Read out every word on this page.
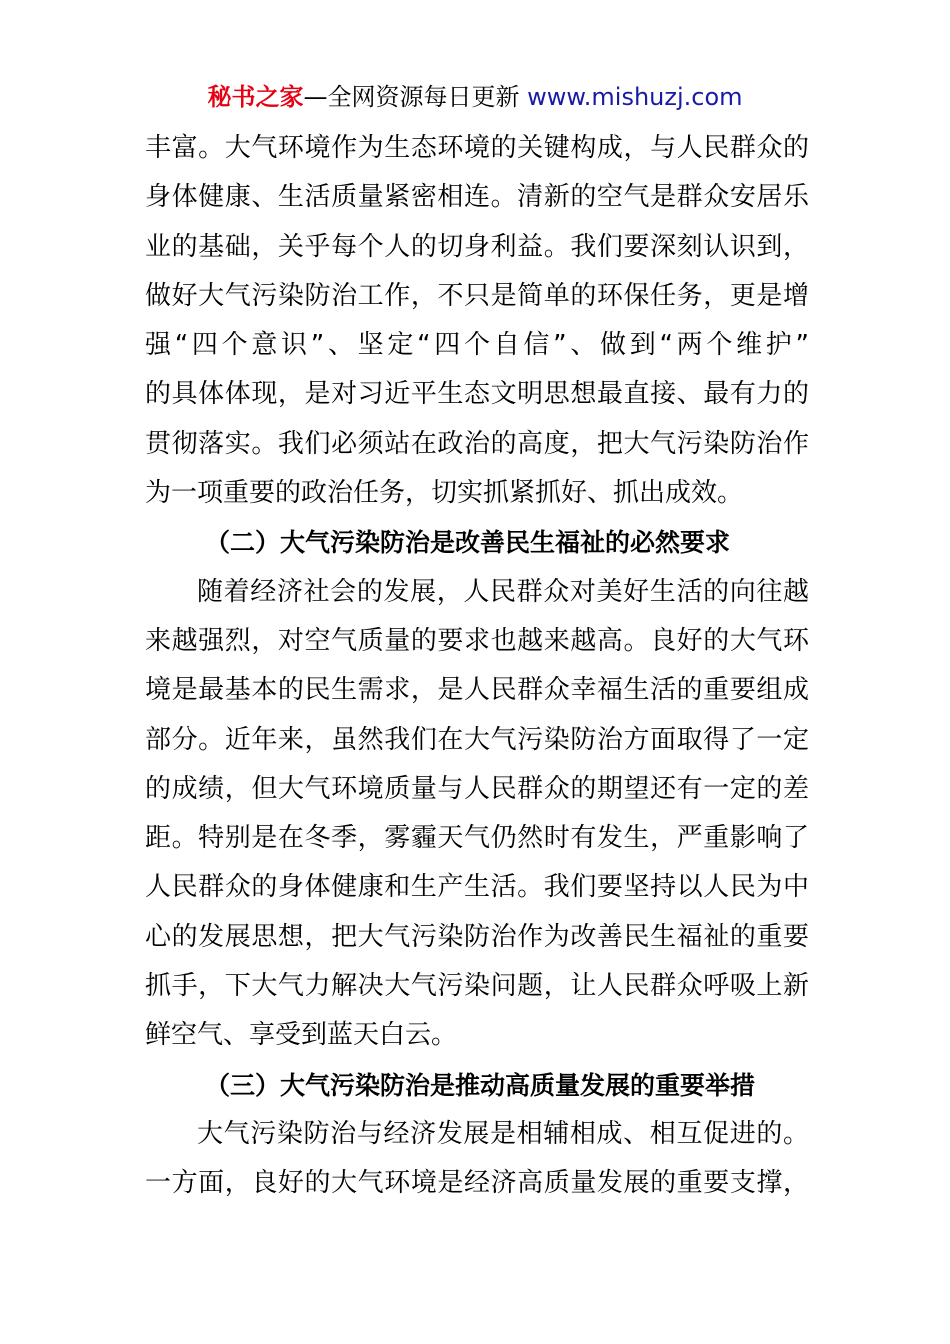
秘书之家—全网资源每日更新 www.mishuzj.com
丰富。大气环境作为生态环境的关键构成，与人民群众的
身体健康、生活质量紧密相连。清新的空气是群众安居乐
业的基础，关乎每个人的切身利益。我们要深刻认识到，
做好大气污染防治工作，不只是简单的环保任务，更是增
强“四个意识”、坚定“四个自信”、做到“两个维护”
的具体体现，是对习近平生态文明思想最直接、最有力的
贯彻落实。我们必须站在政治的高度，把大气污染防治作
为一项重要的政治任务，切实抓紧抓好、抓出成效。
（二）大气污染防治是改善民生福祉的必然要求
随着经济社会的发展，人民群众对美好生活的向往越
来越强烈，对空气质量的要求也越来越高。良好的大气环
境是最基本的民生需求，是人民群众幸福生活的重要组成
部分。近年来，虽然我们在大气污染防治方面取得了一定
的成绩，但大气环境质量与人民群众的期望还有一定的差
距。特别是在冬季，雾霾天气仍然时有发生，严重影响了
人民群众的身体健康和生产生活。我们要坚持以人民为中
心的发展思想，把大气污染防治作为改善民生福祉的重要
抓手，下大气力解决大气污染问题，让人民群众呼吸上新
鲜空气、享受到蓝天白云。
（三）大气污染防治是推动高质量发展的重要举措
大气污染防治与经济发展是相辅相成、相互促进的。
一方面，良好的大气环境是经济高质量发展的重要支撑，
